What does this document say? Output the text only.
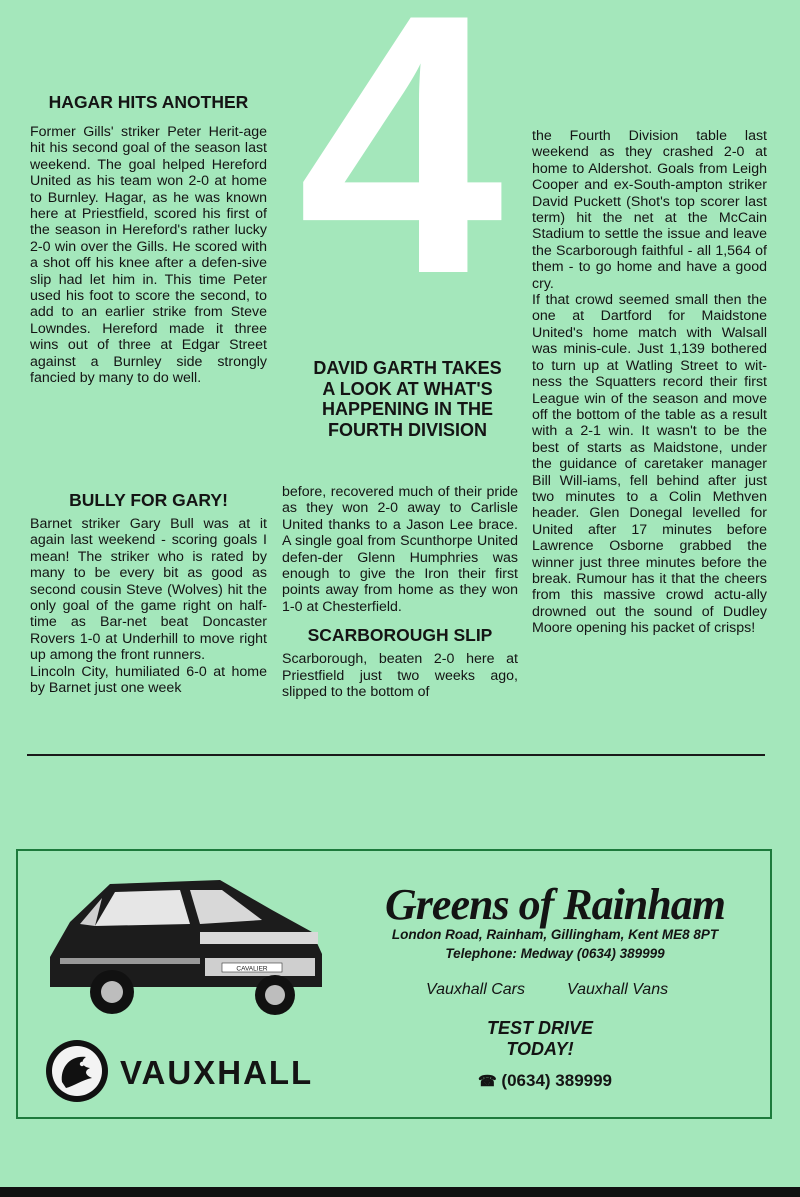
4
HAGAR HITS ANOTHER

Former Gills' striker Peter Herit-age hit his second goal of the season last weekend. The goal helped Hereford United as his team won 2-0 at home to Burnley. Hagar, as he was known here at Priestfield, scored his first of the season in Hereford's rather lucky 2-0 win over the Gills. He scored with a shot off his knee after a defen-sive slip had let him in. This time Peter used his foot to score the second, to add to an earlier strike from Steve Lowndes. Hereford made it three wins out of three at Edgar Street against a Burnley side strongly fancied by many to do well.

BULLY FOR GARY!

Barnet striker Gary Bull was at it again last weekend - scoring goals I mean! The striker who is rated by many to be every bit as good as second cousin Steve (Wolves) hit the only goal of the game right on half-time as Bar-net beat Doncaster Rovers 1-0 at Underhill to move right up among the front runners.

Lincoln City, humiliated 6-0 at home by Barnet just one week

DAVID GARTH TAKES
A LOOK AT WHAT'S
HAPPENING IN THE
FOURTH DIVISION

before, recovered much of their pride as they won 2-0 away to Carlisle United thanks to a Jason Lee brace. A single goal from Scunthorpe United defen-der Glenn Humphries was enough to give the Iron their first points away from home as they won 1-0 at Chesterfield.

SCARBOROUGH SLIP

Scarborough, beaten 2-0 here at Priestfield just two weeks ago, slipped to the bottom of

the Fourth Division table last weekend as they crashed 2-0 at home to Aldershot. Goals from Leigh Cooper and ex-South-ampton striker David Puckett (Shot's top scorer last term) hit the net at the McCain Stadium to settle the issue and leave the Scarborough faithful - all 1,564 of them - to go home and have a good cry.

If that crowd seemed small then the one at Dartford for Maidstone United's home match with Walsall was minis-cule. Just 1,139 bothered to turn up at Watling Street to wit-ness the Squatters record their first League win of the season and move off the bottom of the table as a result with a 2-1 win. It wasn't to be the best of starts as Maidstone, under the guidance of caretaker manager Bill Will-iams, fell behind after just two minutes to a Colin Methven header. Glen Donegal levelled for United after 17 minutes before Lawrence Osborne grabbed the winner just three minutes before the break. Rumour has it that the cheers from this massive crowd actu-ally drowned out the sound of Dudley Moore opening his packet of crisps!

CAVALIER
VAUXHALL
Greens of Rainham
London Road, Rainham, Gillingham, Kent ME8 8PT
Telephone: Medway (0634) 389999
Vauxhall Cars	Vauxhall Vans
TEST DRIVE
TODAY!
☎ (0634) 389999
